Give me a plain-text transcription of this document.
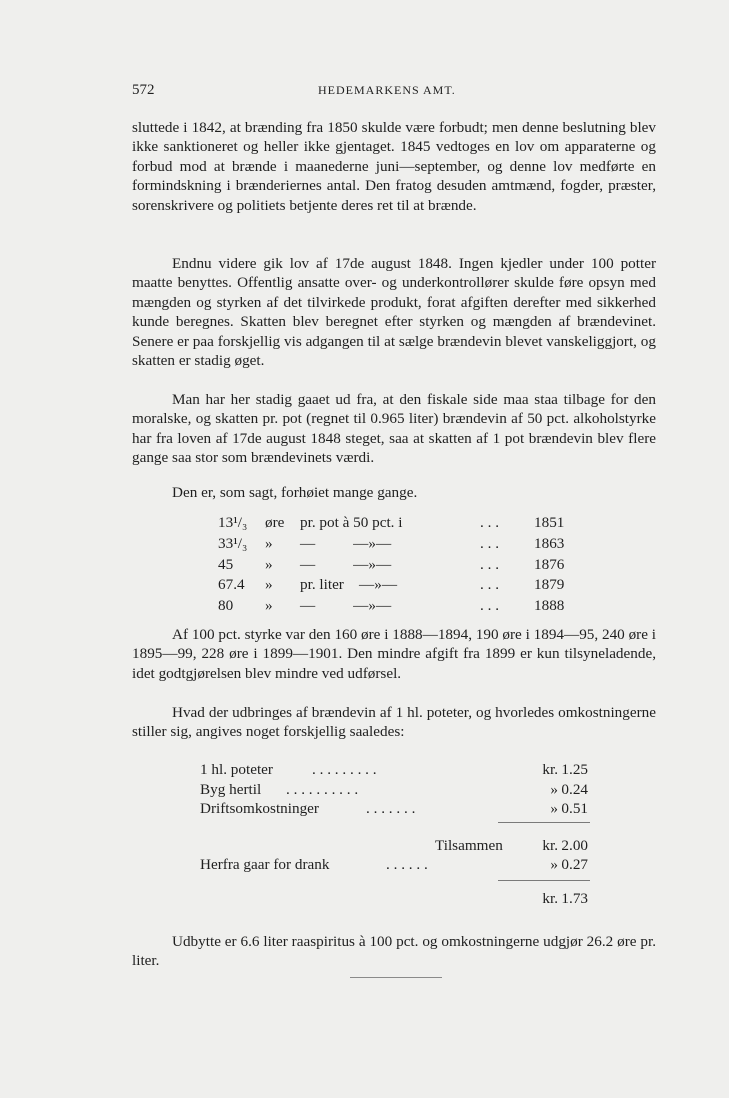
572	HEDEMARKENS AMT.

sluttede i 1842, at brænding fra 1850 skulde være forbudt; men denne beslutning blev ikke sanktioneret og heller ikke gjentaget. 1845 vedtoges en lov om apparaterne og forbud mod at brænde i maanederne juni—september, og denne lov medførte en formindskning i brænderiernes antal. Den fratog desuden amtmænd, fogder, præster, sorenskrivere og politiets betjente deres ret til at brænde.

Endnu videre gik lov af 17de august 1848. Ingen kjedler under 100 potter maatte benyttes. Offentlig ansatte over- og underkontrollører skulde føre opsyn med mængden og styrken af det tilvirkede produkt, forat afgiften derefter med sikkerhed kunde beregnes. Skatten blev beregnet efter styrken og mængden af brændevinet. Senere er paa forskjellig vis adgangen til at sælge brændevin blevet vanskeliggjort, og skatten er stadig øget.

Man har her stadig gaaet ud fra, at den fiskale side maa staa tilbage for den moralske, og skatten pr. pot (regnet til 0.965 liter) brændevin af 50 pct. alkoholstyrke har fra loven af 17de august 1848 steget, saa at skatten af 1 pot brændevin blev flere gange saa stor som brændevinets værdi.

Den er, som sagt, forhøiet mange gange.

13¹/₃ øre pr. pot à 50 pct. i	. . . 1851
33¹/₃ » —          —»—	. . . 1863
45 » —          —»—	. . . 1876
67.4 » pr. liter    —»—	. . . 1879
80 » —          —»—	. . . 1888

Af 100 pct. styrke var den 160 øre i 1888—1894, 190 øre i 1894—95, 240 øre i 1895—99, 228 øre i 1899—1901. Den mindre afgift fra 1899 er kun tilsyneladende, idet godtgjørelsen blev mindre ved udførsel.

Hvad der udbringes af brændevin af 1 hl. poteter, og hvorledes omkostningerne stiller sig, angives noget forskjellig saaledes:

1 hl. poteter	. . . . . . . . .	kr. 1.25
Byg hertil . . . . . . . . . .	» 0.24
Driftsomkostninger	. . . . . . .	» 0.51
Tilsammen	kr. 2.00
Herfra gaar for drank	. . . . . .	» 0.27
kr. 1.73

Udbytte er 6.6 liter raaspiritus à 100 pct. og omkostningerne udgjør 26.2 øre pr. liter.
